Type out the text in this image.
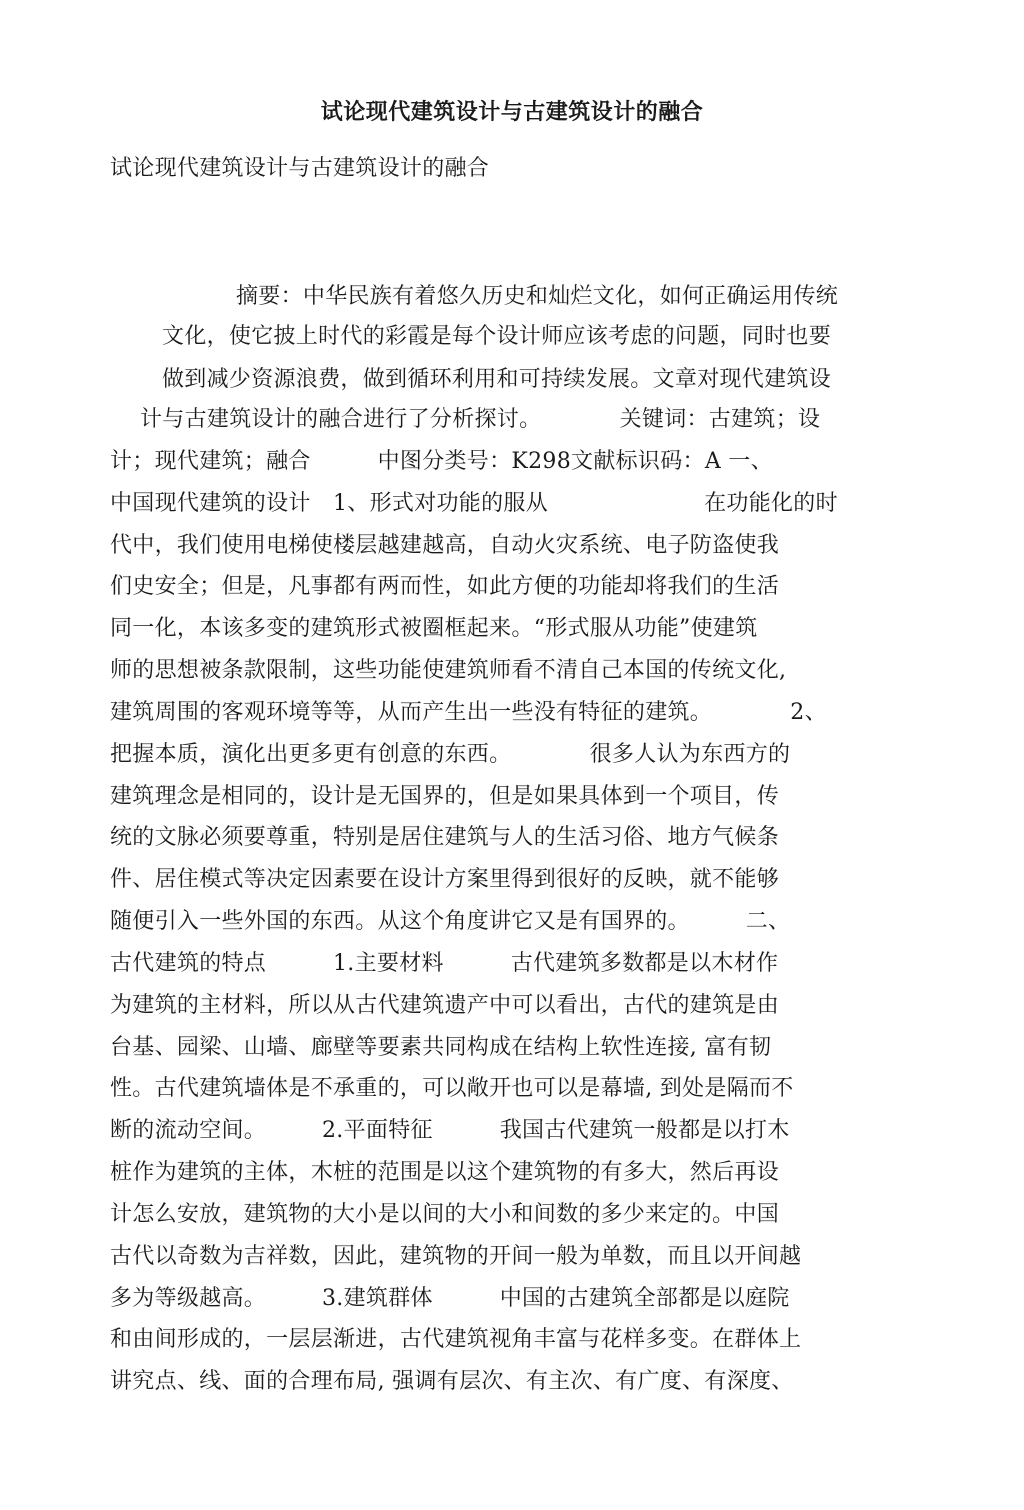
试论现代建筑设计与古建筑设计的融合
试论现代建筑设计与古建筑设计的融合
摘要：中华民族有着悠久历史和灿烂文化，如何正确运用传统
文化，使它披上时代的彩霞是每个设计师应该考虑的问题，同时也要
做到减少资源浪费，做到循环利用和可持续发展。文章对现代建筑设
计与古建筑设计的融合进行了分析探讨。　　　　关键词：古建筑；设
计；现代建筑；融合　　　中图分类号：K298文献标识码：A 一、
中国现代建筑的设计　1、形式对功能的服从　　　　　　　在功能化的时
代中，我们使用电梯使楼层越建越高，自动火灾系统、电子防盗使我
们史安全；但是，凡事都有两而性，如此方便的功能却将我们的生活
同一化，本该多变的建筑形式被圈框起来。“形式服从功能”使建筑
师的思想被条款限制，这些功能使建筑师看不清自己本国的传统文化,
建筑周围的客观环境等等，从而产生出一些没有特征的建筑。　　　　2、
把握本质，演化出更多更有创意的东西。　　　　很多人认为东西方的
建筑理念是相同的，设计是无国界的，但是如果具体到一个项目，传
统的文脉必须要尊重，特别是居住建筑与人的生活习俗、地方气候条
件、居住模式等决定因素要在设计方案里得到很好的反映，就不能够
随便引入一些外国的东西。从这个角度讲它又是有国界的。　　　二、
古代建筑的特点　　　1.主要材料　　　古代建筑多数都是以木材作
为建筑的主材料，所以从古代建筑遗产中可以看出，古代的建筑是由
台基、园梁、山墙、廊壁等要素共同构成在结构上软性连接, 富有韧
性。古代建筑墙体是不承重的，可以敞开也可以是幕墙, 到处是隔而不
断的流动空间。　　　2.平面特征　　　我国古代建筑一般都是以打木
桩作为建筑的主体，木桩的范围是以这个建筑物的有多大，然后再设
计怎么安放，建筑物的大小是以间的大小和间数的多少来定的。中国
古代以奇数为吉祥数，因此，建筑物的开间一般为单数，而且以开间越
多为等级越高。　　　3.建筑群体　　　中国的古建筑全部都是以庭院
和由间形成的，一层层渐进，古代建筑视角丰富与花样多变。在群体上
讲究点、线、面的合理布局, 强调有层次、有主次、有广度、有深度、
